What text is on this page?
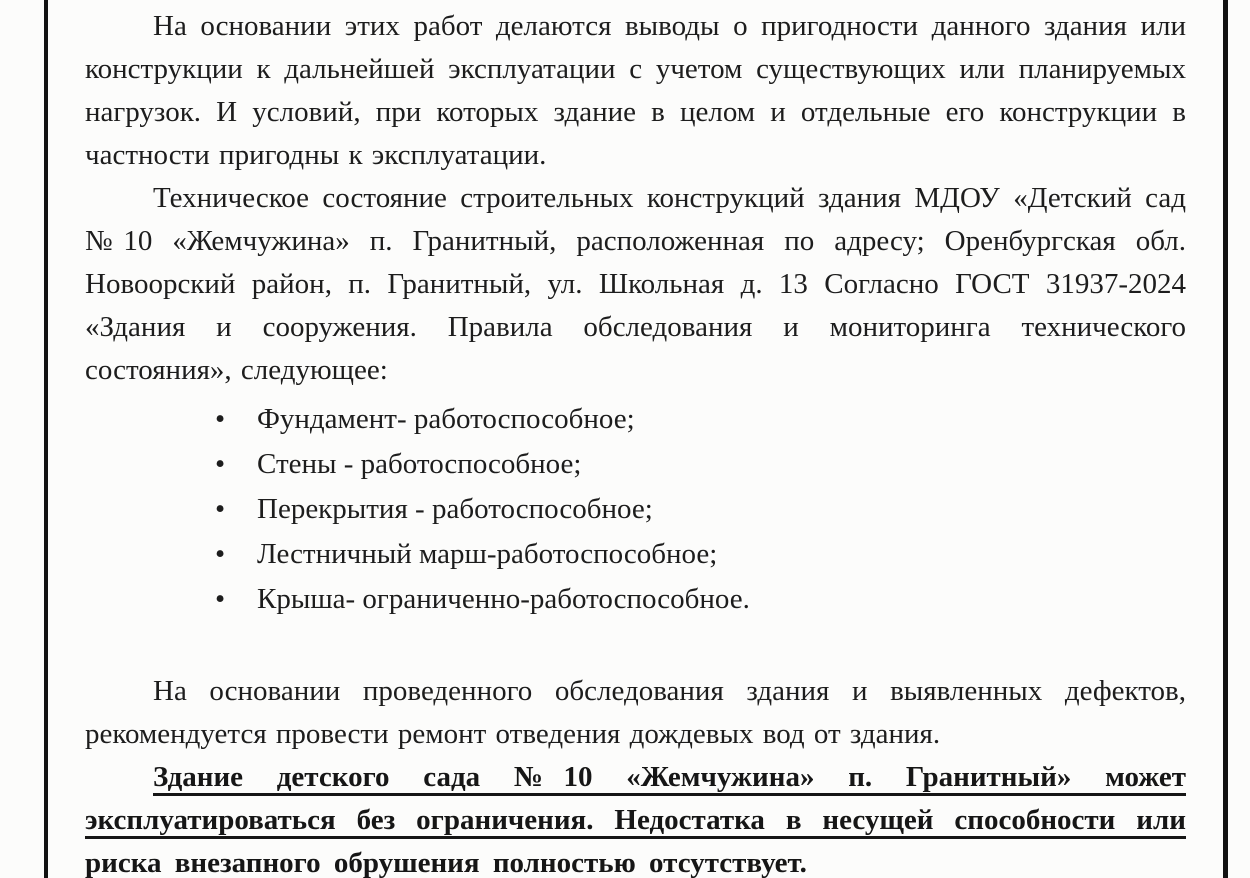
На основании этих работ делаются выводы о пригодности данного здания или конструкции к дальнейшей эксплуатации с учетом существующих или планируемых нагрузок. И условий, при которых здание в целом и отдельные его конструкции в частности пригодны к эксплуатации.

Техническое состояние строительных конструкций здания МДОУ «Детский сад №10 «Жемчужина» п. Гранитный, расположенная по адресу; Оренбургская обл. Новоорский район, п. Гранитный, ул. Школьная д. 13 Согласно ГОСТ 31937-2024 «Здания и сооружения. Правила обследования и мониторинга технического состояния», следующее:

• Фундамент- работоспособное;
• Стены - работоспособное;
• Перекрытия - работоспособное;
• Лестничный марш-работоспособное;
• Крыша- ограниченно-работоспособное.

На основании проведенного обследования здания и выявленных дефектов, рекомендуется провести ремонт отведения дождевых вод от здания.

Здание детского сада №10 «Жемчужина» п. Гранитный» может эксплуатироваться без ограничения. Недостатка в несущей способности или риска внезапного обрушения полностью отсутствует.
